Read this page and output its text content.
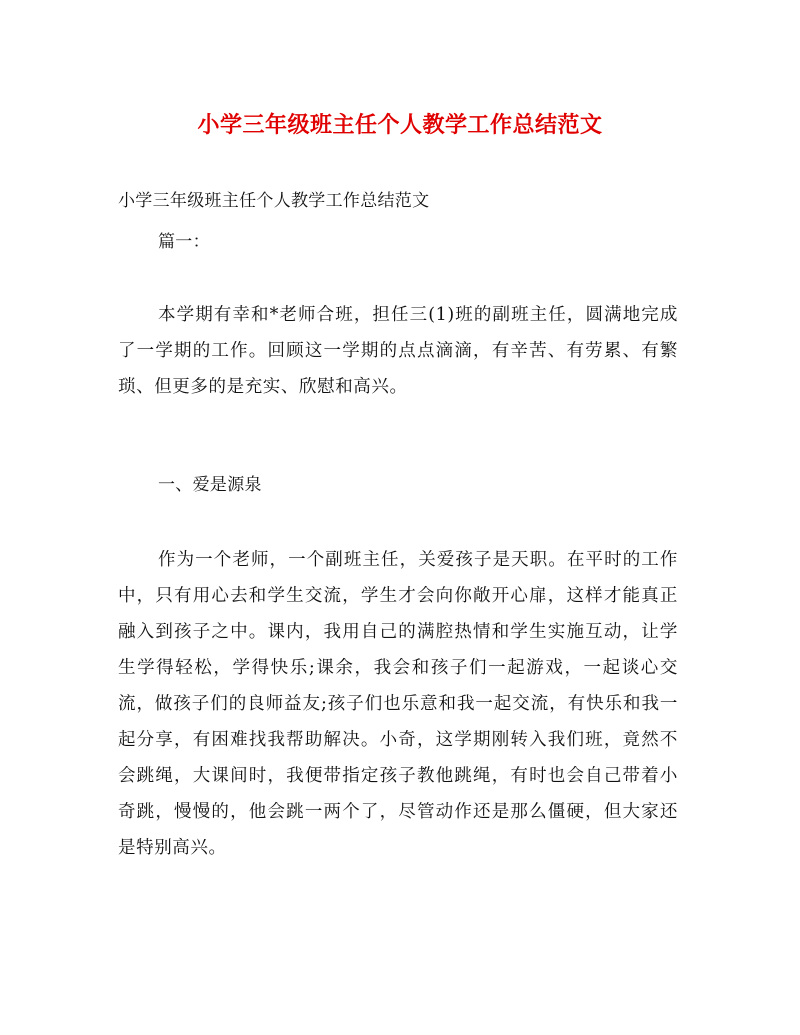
小学三年级班主任个人教学工作总结范文
小学三年级班主任个人教学工作总结范文
篇一：
本学期有幸和*老师合班，担任三(1)班的副班主任，圆满地完成了一学期的工作。回顾这一学期的点点滴滴，有辛苦、有劳累、有繁琐、但更多的是充实、欣慰和高兴。
一、爱是源泉
作为一个老师，一个副班主任，关爱孩子是天职。在平时的工作中，只有用心去和学生交流，学生才会向你敞开心扉，这样才能真正融入到孩子之中。课内，我用自己的满腔热情和学生实施互动，让学生学得轻松，学得快乐;课余，我会和孩子们一起游戏，一起谈心交流，做孩子们的良师益友;孩子们也乐意和我一起交流，有快乐和我一起分享，有困难找我帮助解决。小奇，这学期刚转入我们班，竟然不会跳绳，大课间时，我便带指定孩子教他跳绳，有时也会自己带着小奇跳，慢慢的，他会跳一两个了，尽管动作还是那么僵硬，但大家还是特别高兴。
